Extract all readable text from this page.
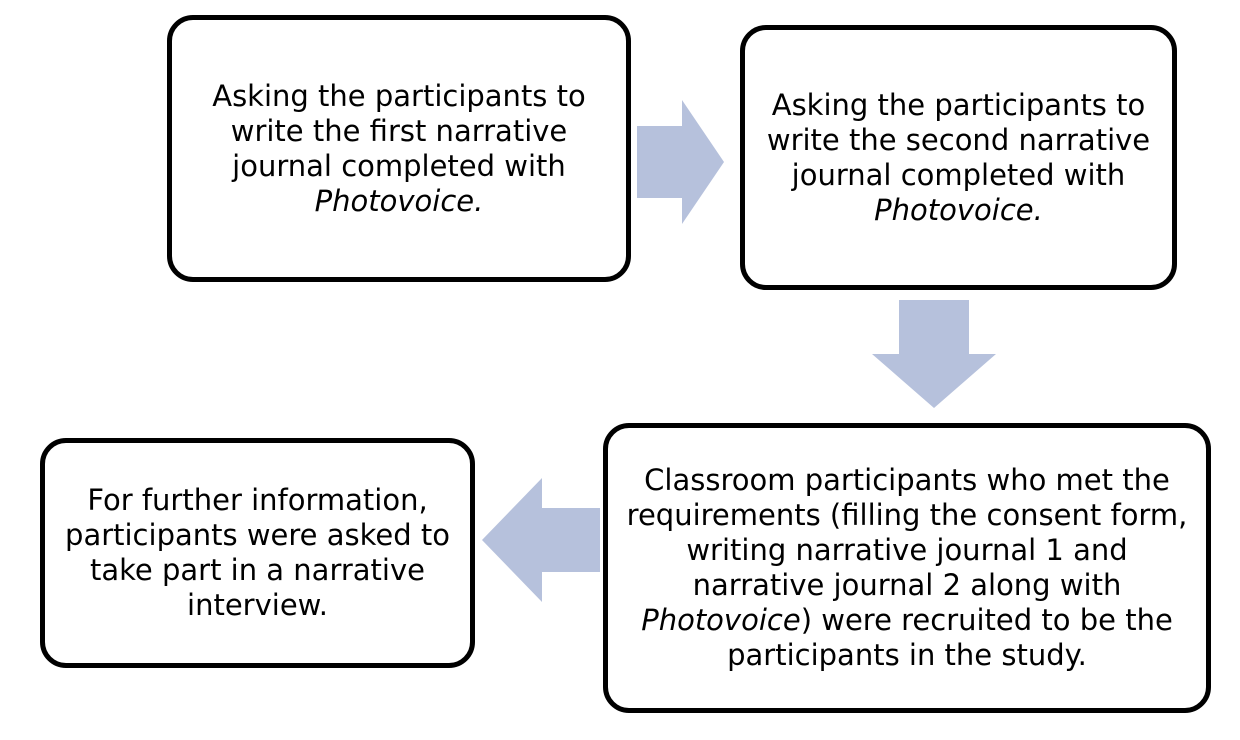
Asking the participants to write the first narrative journal completed with Photovoice.

Asking the participants to write the second narrative journal completed with Photovoice.

Classroom participants who met the requirements (filling the consent form, writing narrative journal 1 and narrative journal 2 along with Photovoice) were recruited to be the participants in the study.

For further information, participants were asked to take part in a narrative interview.
